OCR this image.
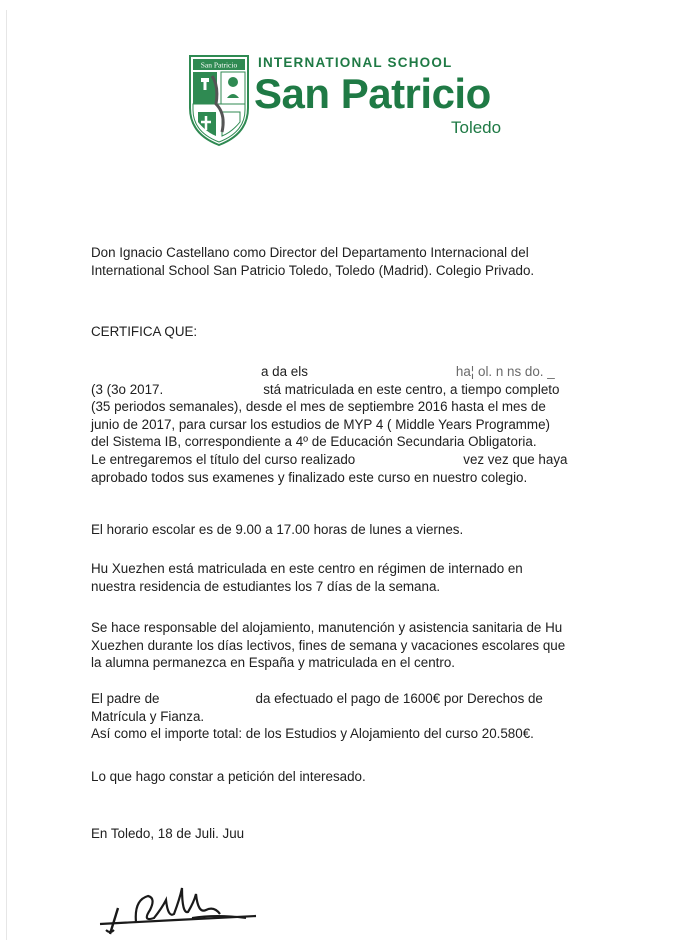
San Patricio INTERNATIONAL SCHOOL
San Patricio
Toledo
Don Ignacio Castellano como Director del Departamento Internacional del
International School San Patricio Toledo, Toledo (Madrid). Colegio Privado.
CERTIFICA QUE:
a da els	ha¦ ol. n ns do. _
(3 (3o 2017.	stá matriculada en este centro, a tiempo completo
(35 periodos semanales), desde el mes de septiembre 2016 hasta el mes de
junio de 2017, para cursar los estudios de MYP 4 ( Middle Years Programme)
del Sistema IB, correspondiente a 4º de Educación Secundaria Obligatoria.
Le entregaremos el título del curso realizado	vez vez que haya
aprobado todos sus examenes y finalizado este curso en nuestro colegio.
El horario escolar es de 9.00 a 17.00 horas de lunes a viernes.
Hu Xuezhen está matriculada en este centro en régimen de internado en
nuestra residencia de estudiantes los 7 días de la semana.
Se hace responsable del alojamiento, manutención y asistencia sanitaria de Hu
Xuezhen durante los días lectivos, fines de semana y vacaciones escolares que
la alumna permanezca en España y matriculada en el centro.
El padre de	da efectuado el pago de 1600€ por Derechos de
Matrícula y Fianza.
Así como el importe total: de los Estudios y Alojamiento del curso 20.580€.
Lo que hago constar a petición del interesado.
En Toledo, 18 de Juli. Juu
